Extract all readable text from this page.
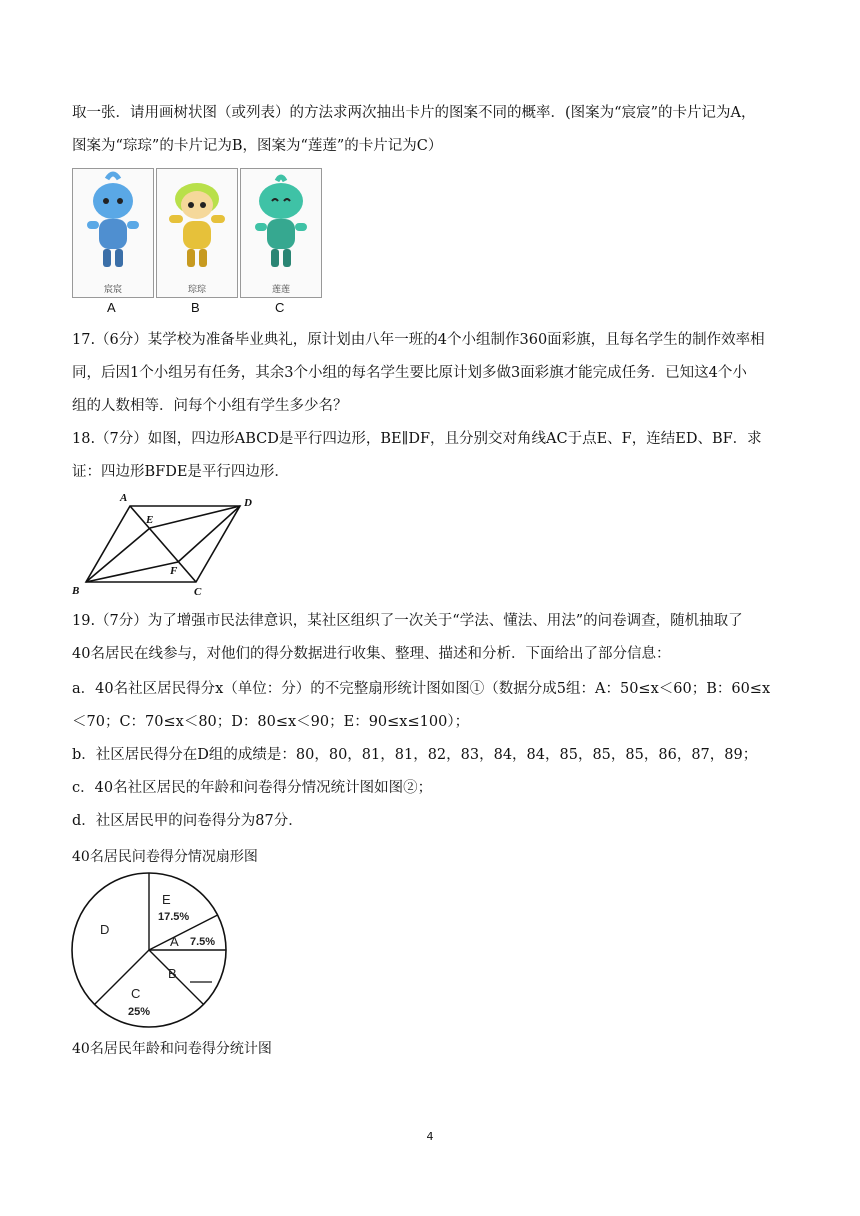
取一张．请用画树状图（或列表）的方法求两次抽出卡片的图案不同的概率．(图案为“宸宸”的卡片记为A，
图案为“琮琮”的卡片记为B，图案为“莲莲”的卡片记为C）
宸宸	琮琮	莲莲
A	B	C
17.（6分）某学校为准备毕业典礼，原计划由八年一班的4个小组制作360面彩旗，且每名学生的制作效率相
同，后因1个小组另有任务，其余3个小组的每名学生要比原计划多做3面彩旗才能完成任务．已知这4个小
组的人数相等．问每个小组有学生多少名？
18.（7分）如图，四边形ABCD是平行四边形，BE∥DF，且分别交对角线AC于点E、F，连结ED、BF．求
证：四边形BFDE是平行四边形．
A	D
E
F
B	C
19.（7分）为了增强市民法律意识，某社区组织了一次关于“学法、懂法、用法”的问卷调查，随机抽取了
40名居民在线参与，对他们的得分数据进行收集、整理、描述和分析．下面给出了部分信息：
a．40名社区居民得分x（单位：分）的不完整扇形统计图如图①（数据分成5组：A：50≤x＜60；B：60≤x
＜70；C：70≤x＜80；D：80≤x＜90；E：90≤x≤100）；
b．社区居民得分在D组的成绩是：80，80，81，81，82，83，84，84，85，85，85，86，87，89；
c．40名社区居民的年龄和问卷得分情况统计图如图②；
d．社区居民甲的问卷得分为87分．
40名居民问卷得分情况扇形图
E
17.5%
A 7.5%
B
C
25%
D
40名居民年龄和问卷得分统计图
4
